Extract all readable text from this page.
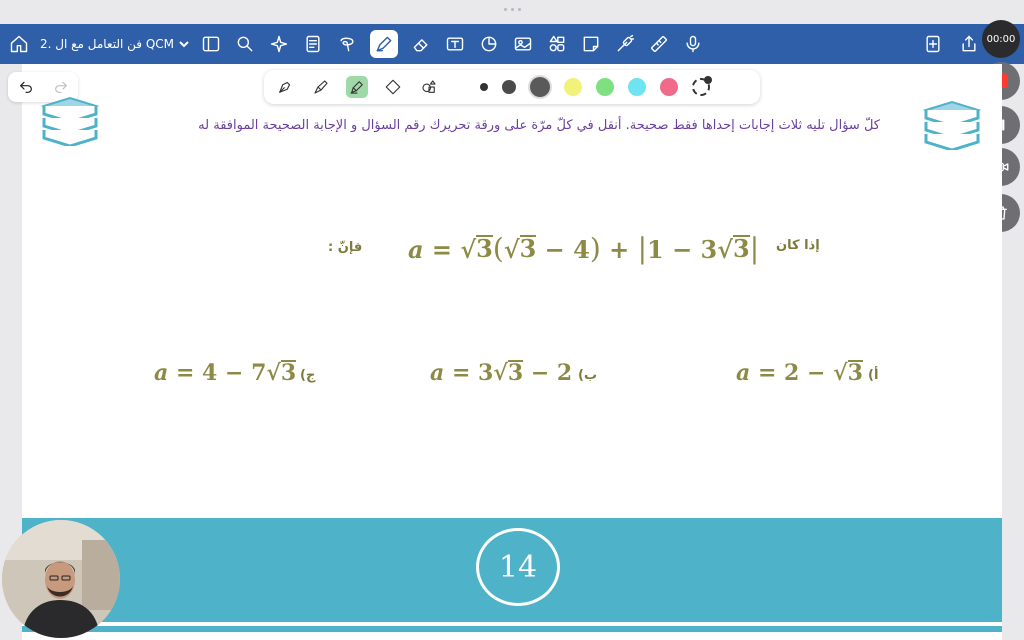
2. فن التعامل مع ال QCM	00:00
كلّ سؤال تليه ثلاث إجابات إحداها فقط صحيحة. أنقل في كلّ مرّة على ورقة تحريرك رقم السؤال و الإجابة الصحيحة الموافقة له
إذا كان
a = √ 3 (√ 3 − 4) + |1 − 3√ 3 |
فإنّ :
أ)
a = 2 − √ 3
ب)
a = 3√ 3 − 2
ج)
a = 4 − 7√ 3
14
